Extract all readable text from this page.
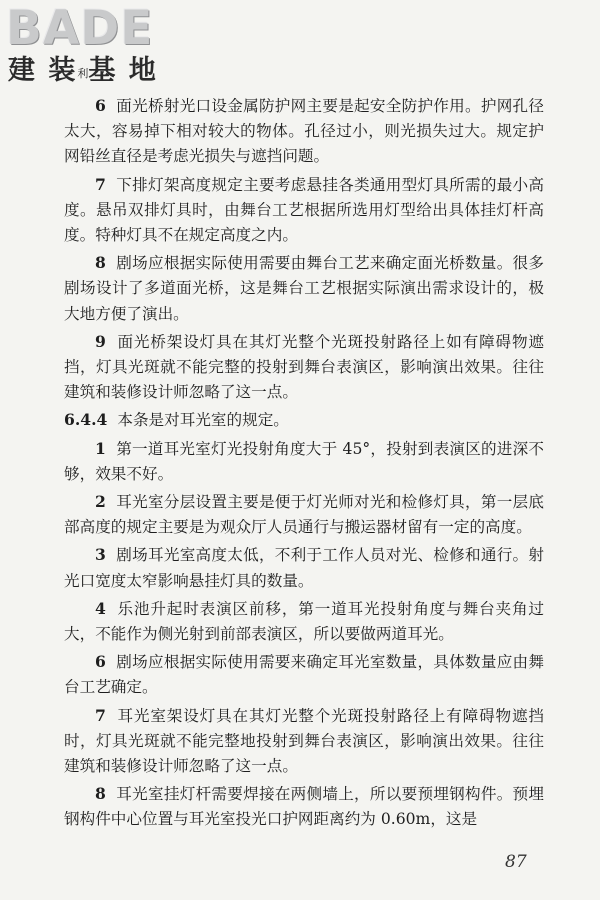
BADE
建 装利基 地

6 面光桥射光口设金属防护网主要是起安全防护作用。护网孔径太大，容易掉下相对较大的物体。孔径过小，则光损失过大。规定护网铅丝直径是考虑光损失与遮挡问题。

7 下排灯架高度规定主要考虑悬挂各类通用型灯具所需的最小高度。悬吊双排灯具时，由舞台工艺根据所选用灯型给出具体挂灯杆高度。特种灯具不在规定高度之内。

8 剧场应根据实际使用需要由舞台工艺来确定面光桥数量。很多剧场设计了多道面光桥，这是舞台工艺根据实际演出需求设计的，极大地方便了演出。

9 面光桥架设灯具在其灯光整个光斑投射路径上如有障碍物遮挡，灯具光斑就不能完整的投射到舞台表演区，影响演出效果。往往建筑和装修设计师忽略了这一点。

6.4.4 本条是对耳光室的规定。

1 第一道耳光室灯光投射角度大于 45°，投射到表演区的进深不够，效果不好。

2 耳光室分层设置主要是便于灯光师对光和检修灯具，第一层底部高度的规定主要是为观众厅人员通行与搬运器材留有一定的高度。

3 剧场耳光室高度太低，不利于工作人员对光、检修和通行。射光口宽度太窄影响悬挂灯具的数量。

4 乐池升起时表演区前移，第一道耳光投射角度与舞台夹角过大，不能作为侧光射到前部表演区，所以要做两道耳光。

6 剧场应根据实际使用需要来确定耳光室数量，具体数量应由舞台工艺确定。

7 耳光室架设灯具在其灯光整个光斑投射路径上有障碍物遮挡时，灯具光斑就不能完整地投射到舞台表演区，影响演出效果。往往建筑和装修设计师忽略了这一点。

8 耳光室挂灯杆需要焊接在两侧墙上，所以要预埋钢构件。预埋钢构件中心位置与耳光室投光口护网距离约为 0.60m，这是

87
